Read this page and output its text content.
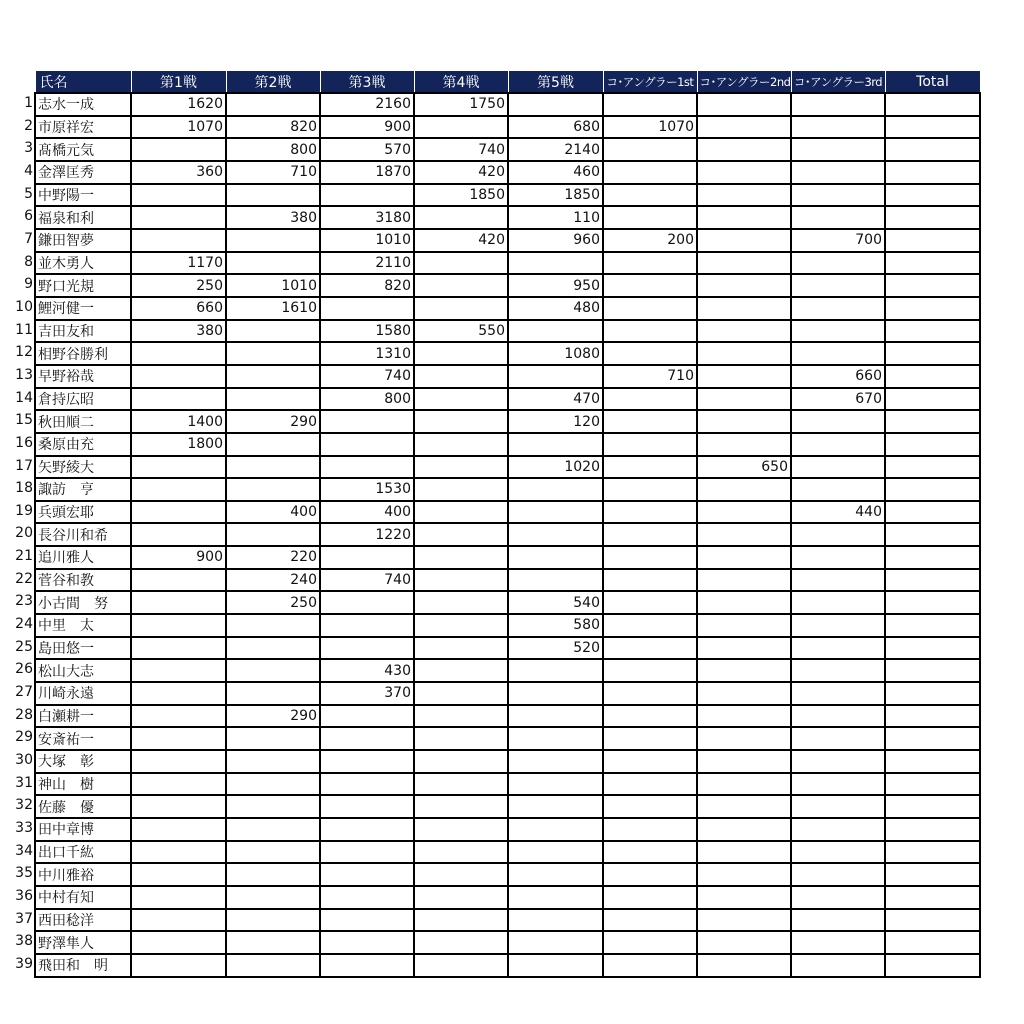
氏名	第1戦	第2戦	第3戦	第4戦	第5戦	コ･アングラー1st	コ･アングラー2nd	コ･アングラー3rd	Total	

1 志水一成	1620		2160	1750						

2 市原祥宏	1070	820	900		680	1070				

3 髙橋元気		800	570	740	2140					

4 金澤匡秀	360	710	1870	420	460					

5 中野陽一				1850	1850					

6 福泉和利		380	3180		110					

7 鎌田智夢			1010	420	960	200		700		

8 並木勇人	1170		2110							

9 野口光規	250	1010	820		950					

10 鯉河健一	660	1610			480					

11 吉田友和	380		1580	550						

12 相野谷勝利			1310		1080					

13 早野裕哉			740			710		660		

14 倉持広昭			800		470			670		

15 秋田順二	1400	290			120					

16 桑原由充	1800									

17 矢野綾大					1020		650			

18 諏訪　亨			1530							

19 兵頭宏耶		400	400					440		

20 長谷川和希			1220							

21 追川雅人	900	220								

22 菅谷和教		240	740							

23 小古間　努		250			540					

24 中里　太					580					

25 島田悠一					520					

26 松山大志			430							

27 川崎永遠			370							

28 白瀬耕一		290								

29 安斎祐一										

30 大塚　彰										

31 神山　樹										

32 佐藤　優										

33 田中章博										

34 出口千紘										

35 中川雅裕										

36 中村有知										

37 西田稔洋										

38 野澤隼人										

39 飛田和　明										
